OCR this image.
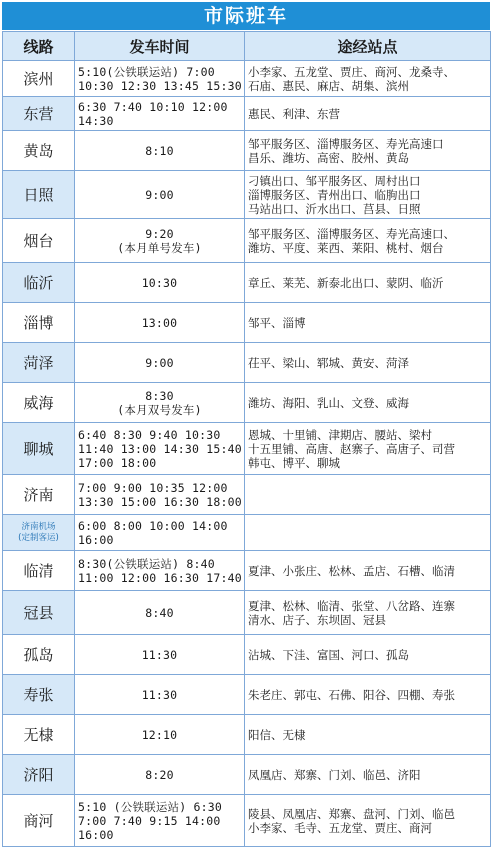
市际班车
线路	发车时间	途经站点

滨州	5:10(公铁联运站) 7:00
10:30 12:30 13:45 15:30	小李家、五龙堂、贾庄、商河、龙桑寺、
石庙、惠民、麻店、胡集、滨州

东营	6:30 7:40 10:10 12:00
14:30	惠民、利津、东营

黄岛	8:10	邹平服务区、淄博服务区、寿光高速口
昌乐、潍坊、高密、胶州、黄岛

日照	9:00	刁镇出口、邹平服务区、周村出口
淄博服务区、青州出口、临朐出口
马站出口、沂水出口、莒县、日照

烟台	9:20
(本月单号发车)	邹平服务区、淄博服务区、寿光高速口、
潍坊、平度、莱西、莱阳、桃村、烟台

临沂	10:30	章丘、莱芜、新泰北出口、蒙阴、临沂

淄博	13:00	邹平、淄博

菏泽	9:00	茌平、梁山、郓城、黄安、菏泽

威海	8:30
(本月双号发车)	潍坊、海阳、乳山、文登、威海

聊城	6:40 8:30 9:40 10:30
11:40 13:00 14:30 15:40
17:00 18:00	恩城、十里铺、津期店、腰站、梁村
十五里铺、高唐、赵寨子、高唐子、司营
韩屯、博平、聊城

济南	7:00 9:00 10:35 12:00
13:30 15:00 16:30 18:00	

济南机场
(定制客运)	6:00 8:00 10:00 14:00
16:00	

临清	8:30(公铁联运站) 8:40
11:00 12:00 16:30 17:40	夏津、小张庄、松林、孟店、石槽、临清

冠县	8:40	夏津、松林、临清、张堂、八岔路、连寨
清水、店子、东坝固、冠县

孤岛	11:30	沾城、下洼、富国、河口、孤岛

寿张	11:30	朱老庄、郭屯、石佛、阳谷、四棚、寿张

无棣	12:10	阳信、无棣

济阳	8:20	凤凰店、郑寨、门刘、临邑、济阳

商河	5:10 (公铁联运站) 6:30
7:00 7:40 9:15 14:00
16:00	陵县、凤凰店、郑寨、盘河、门刘、临邑
小李家、毛寺、五龙堂、贾庄、商河
